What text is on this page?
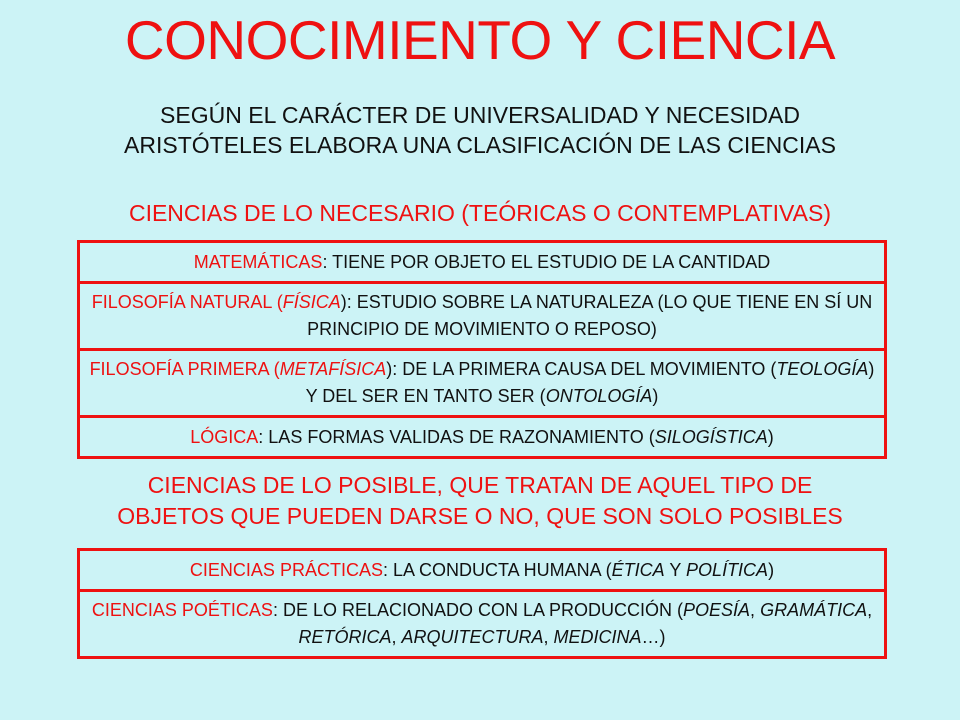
CONOCIMIENTO Y CIENCIA
SEGÚN EL CARÁCTER DE UNIVERSALIDAD Y NECESIDAD
ARISTÓTELES ELABORA UNA CLASIFICACIÓN DE LAS CIENCIAS
CIENCIAS DE LO NECESARIO (TEÓRICAS O CONTEMPLATIVAS)
MATEMÁTICAS: TIENE POR OBJETO EL ESTUDIO DE LA CANTIDAD
FILOSOFÍA NATURAL (FÍSICA): ESTUDIO SOBRE LA NATURALEZA (LO QUE TIENE EN SÍ UN PRINCIPIO DE MOVIMIENTO O REPOSO)
FILOSOFÍA PRIMERA (METAFÍSICA): DE LA PRIMERA CAUSA DEL MOVIMIENTO (TEOLOGÍA) Y DEL SER EN TANTO SER (ONTOLOGÍA)
LÓGICA: LAS FORMAS VALIDAS DE RAZONAMIENTO (SILOGÍSTICA)
CIENCIAS DE LO POSIBLE, QUE TRATAN DE AQUEL TIPO DE
OBJETOS QUE PUEDEN DARSE O NO, QUE SON SOLO POSIBLES
CIENCIAS PRÁCTICAS: LA CONDUCTA HUMANA (ÉTICA Y POLÍTICA)
CIENCIAS POÉTICAS: DE LO RELACIONADO CON LA PRODUCCIÓN (POESÍA, GRAMÁTICA, RETÓRICA, ARQUITECTURA, MEDICINA…)
